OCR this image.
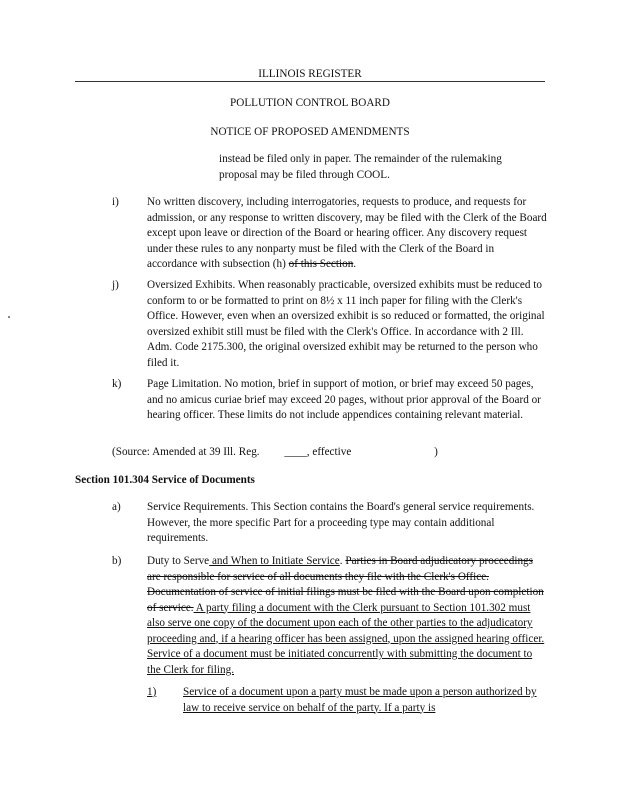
ILLINOIS REGISTER
POLLUTION CONTROL BOARD
NOTICE OF PROPOSED AMENDMENTS
instead be filed only in paper. The remainder of the rulemaking proposal may be filed through COOL.
i)	No written discovery, including interrogatories, requests to produce, and requests for admission, or any response to written discovery, may be filed with the Clerk of the Board except upon leave or direction of the Board or hearing officer. Any discovery request under these rules to any nonparty must be filed with the Clerk of the Board in accordance with subsection (h) of this Section.
j)	Oversized Exhibits. When reasonably practicable, oversized exhibits must be reduced to conform to or be formatted to print on 8½ x 11 inch paper for filing with the Clerk's Office. However, even when an oversized exhibit is so reduced or formatted, the original oversized exhibit still must be filed with the Clerk's Office. In accordance with 2 Ill. Adm. Code 2175.300, the original oversized exhibit may be returned to the person who filed it.
k) Page Limitation. No motion, brief in support of motion, or brief may exceed 50 pages, and no amicus curiae brief may exceed 20 pages, without prior approval of the Board or hearing officer. These limits do not include appendices containing relevant material.
(Source: Amended at 39 Ill. Reg. ____, effective	)
Section 101.304 Service of Documents
a) Service Requirements. This Section contains the Board's general service requirements. However, the more specific Part for a proceeding type may contain additional requirements.
b) Duty to Serve and When to Initiate Service. Parties in Board adjudicatory proceedings are responsible for service of all documents they file with the Clerk's Office. Documentation of service of initial filings must be filed with the Board upon completion of service. A party filing a document with the Clerk pursuant to Section 101.302 must also serve one copy of the document upon each of the other parties to the adjudicatory proceeding and, if a hearing officer has been assigned, upon the assigned hearing officer. Service of a document must be initiated concurrently with submitting the document to the Clerk for filing.
1) Service of a document upon a party must be made upon a person authorized by law to receive service on behalf of the party. If a party is
